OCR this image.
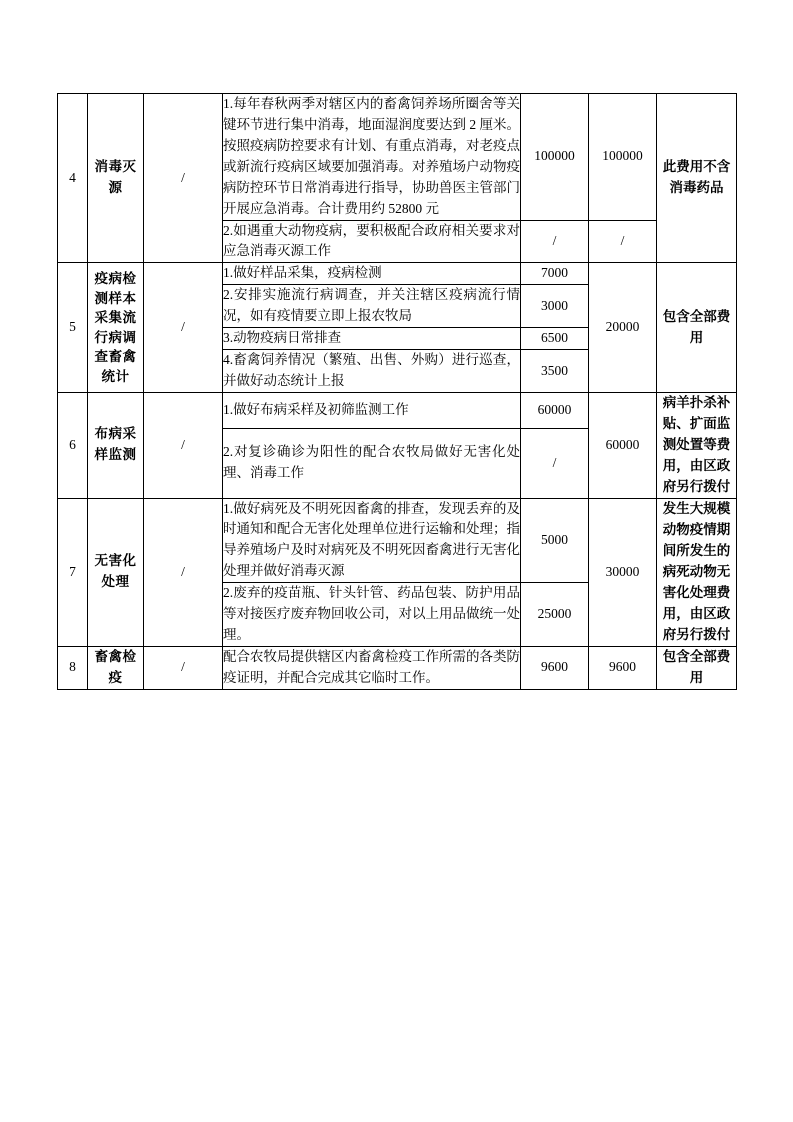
4	消毒灭源	/	1.每年春秋两季对辖区内的畜禽饲养场所圈舍等关键环节进行集中消毒，地面湿润度要达到 2 厘米。按照疫病防控要求有计划、有重点消毒，对老疫点或新流行疫病区域要加强消毒。对养殖场户动物疫病防控环节日常消毒进行指导，协助兽医主管部门开展应急消毒。合计费用约 52800 元	100000	100000	此费用不含消毒药品
			2.如遇重大动物疫病，要积极配合政府相关要求对应急消毒灭源工作	/	/	
5	疫病检测样本采集流行病调查畜禽统计	/	1.做好样品采集，疫病检测	7000	20000	包含全部费用
			2.安排实施流行病调查，并关注辖区疫病流行情况，如有疫情要立即上报农牧局	3000		
			3.动物疫病日常排查	6500		
			4.畜禽饲养情况（繁殖、出售、外购）进行巡查，并做好动态统计上报	3500		
6	布病采样监测	/	1.做好布病采样及初筛监测工作	60000	60000	病羊扑杀补贴、扩面监测处置等费用，由区政府另行拨付
			2.对复诊确诊为阳性的配合农牧局做好无害化处理、消毒工作	/		
7	无害化处理	/	1.做好病死及不明死因畜禽的排查，发现丢弃的及时通知和配合无害化处理单位进行运输和处理；指导养殖场户及时对病死及不明死因畜禽进行无害化处理并做好消毒灭源	5000	30000	发生大规模动物疫情期间所发生的病死动物无害化处理费用，由区政府另行拨付
			2.废弃的疫苗瓶、针头针管、药品包装、防护用品等对接医疗废弃物回收公司，对以上用品做统一处理。	25000		
8	畜禽检疫	/	配合农牧局提供辖区内畜禽检疫工作所需的各类防疫证明，并配合完成其它临时工作。	9600	9600	包含全部费用
